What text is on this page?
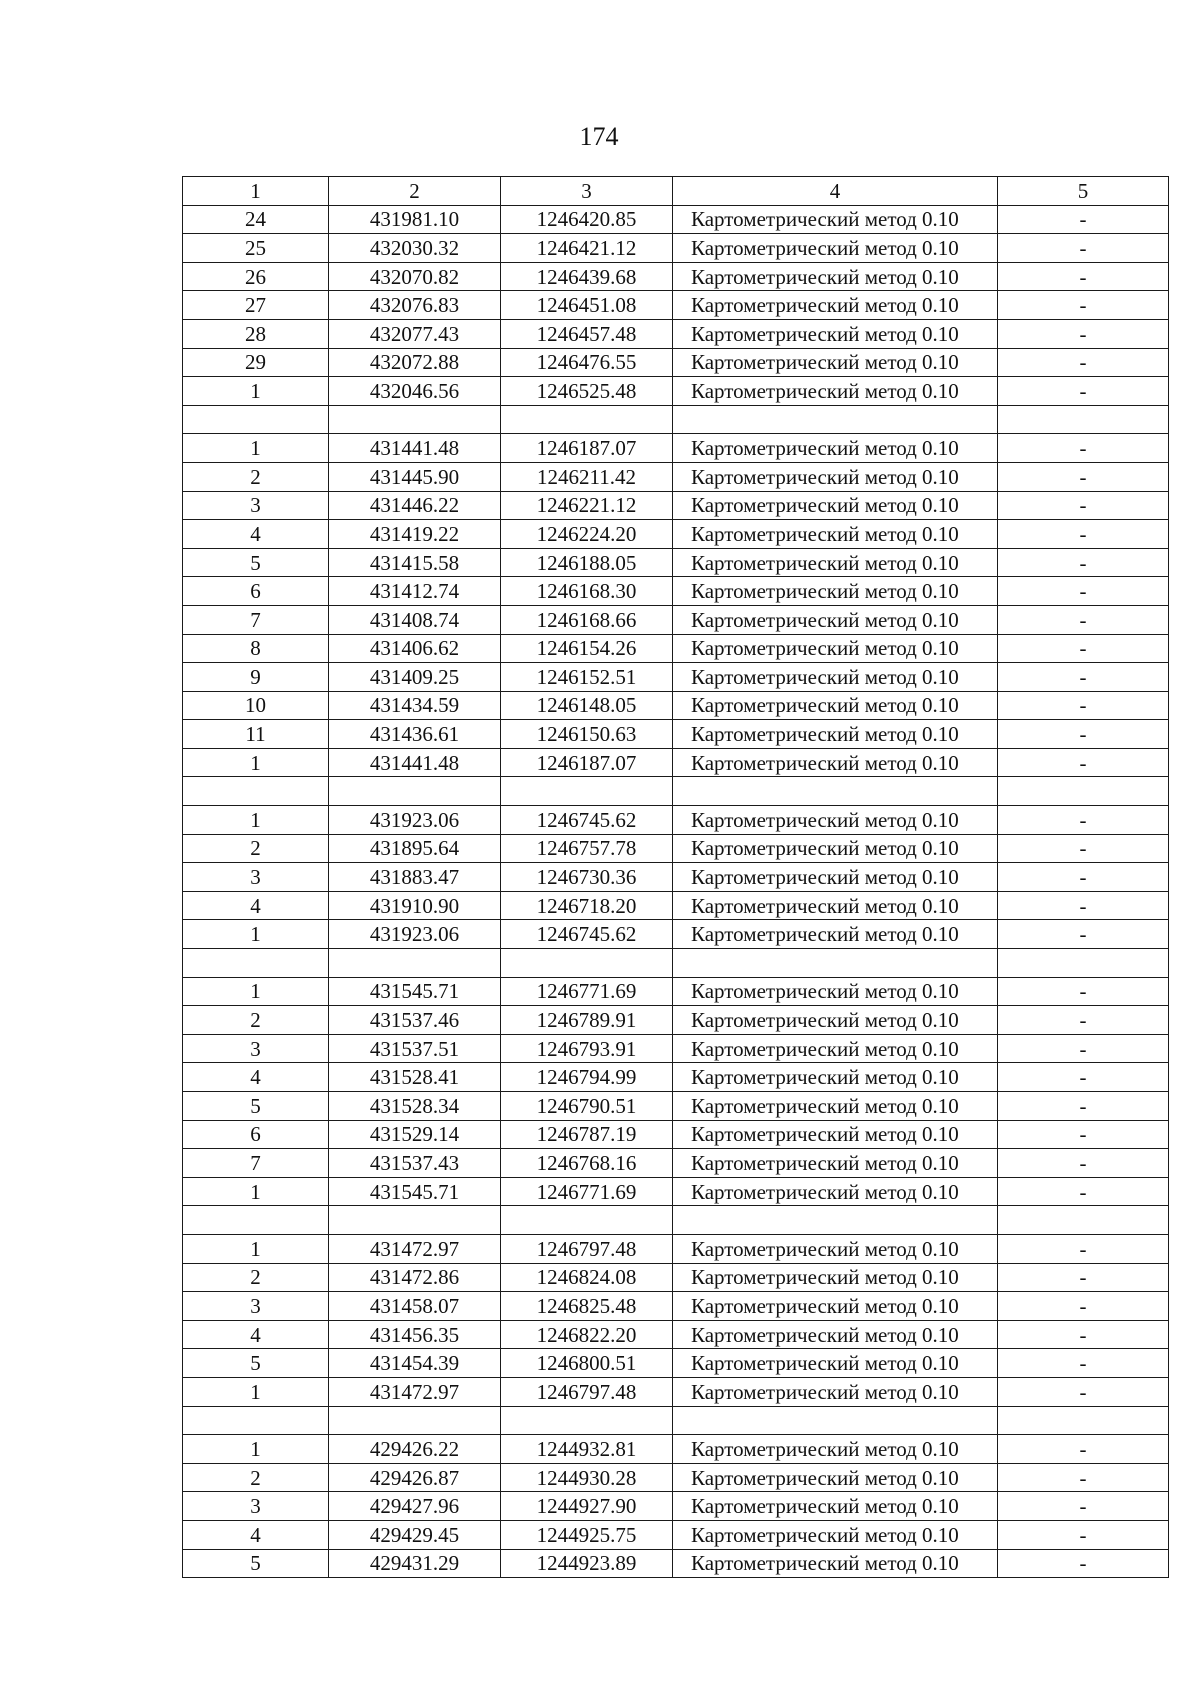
174
1	2	3	4	5
24	431981.10	1246420.85	Картометрический метод 0.10	-
25	432030.32	1246421.12	Картометрический метод 0.10	-
26	432070.82	1246439.68	Картометрический метод 0.10	-
27	432076.83	1246451.08	Картометрический метод 0.10	-
28	432077.43	1246457.48	Картометрический метод 0.10	-
29	432072.88	1246476.55	Картометрический метод 0.10	-
1	432046.56	1246525.48	Картометрический метод 0.10	-

1	431441.48	1246187.07	Картометрический метод 0.10	-
2	431445.90	1246211.42	Картометрический метод 0.10	-
3	431446.22	1246221.12	Картометрический метод 0.10	-
4	431419.22	1246224.20	Картометрический метод 0.10	-
5	431415.58	1246188.05	Картометрический метод 0.10	-
6	431412.74	1246168.30	Картометрический метод 0.10	-
7	431408.74	1246168.66	Картометрический метод 0.10	-
8	431406.62	1246154.26	Картометрический метод 0.10	-
9	431409.25	1246152.51	Картометрический метод 0.10	-
10	431434.59	1246148.05	Картометрический метод 0.10	-
11	431436.61	1246150.63	Картометрический метод 0.10	-
1	431441.48	1246187.07	Картометрический метод 0.10	-

1	431923.06	1246745.62	Картометрический метод 0.10	-
2	431895.64	1246757.78	Картометрический метод 0.10	-
3	431883.47	1246730.36	Картометрический метод 0.10	-
4	431910.90	1246718.20	Картометрический метод 0.10	-
1	431923.06	1246745.62	Картометрический метод 0.10	-

1	431545.71	1246771.69	Картометрический метод 0.10	-
2	431537.46	1246789.91	Картометрический метод 0.10	-
3	431537.51	1246793.91	Картометрический метод 0.10	-
4	431528.41	1246794.99	Картометрический метод 0.10	-
5	431528.34	1246790.51	Картометрический метод 0.10	-
6	431529.14	1246787.19	Картометрический метод 0.10	-
7	431537.43	1246768.16	Картометрический метод 0.10	-
1	431545.71	1246771.69	Картометрический метод 0.10	-

1	431472.97	1246797.48	Картометрический метод 0.10	-
2	431472.86	1246824.08	Картометрический метод 0.10	-
3	431458.07	1246825.48	Картометрический метод 0.10	-
4	431456.35	1246822.20	Картометрический метод 0.10	-
5	431454.39	1246800.51	Картометрический метод 0.10	-
1	431472.97	1246797.48	Картометрический метод 0.10	-

1	429426.22	1244932.81	Картометрический метод 0.10	-
2	429426.87	1244930.28	Картометрический метод 0.10	-
3	429427.96	1244927.90	Картометрический метод 0.10	-
4	429429.45	1244925.75	Картометрический метод 0.10	-
5	429431.29	1244923.89	Картометрический метод 0.10	-
